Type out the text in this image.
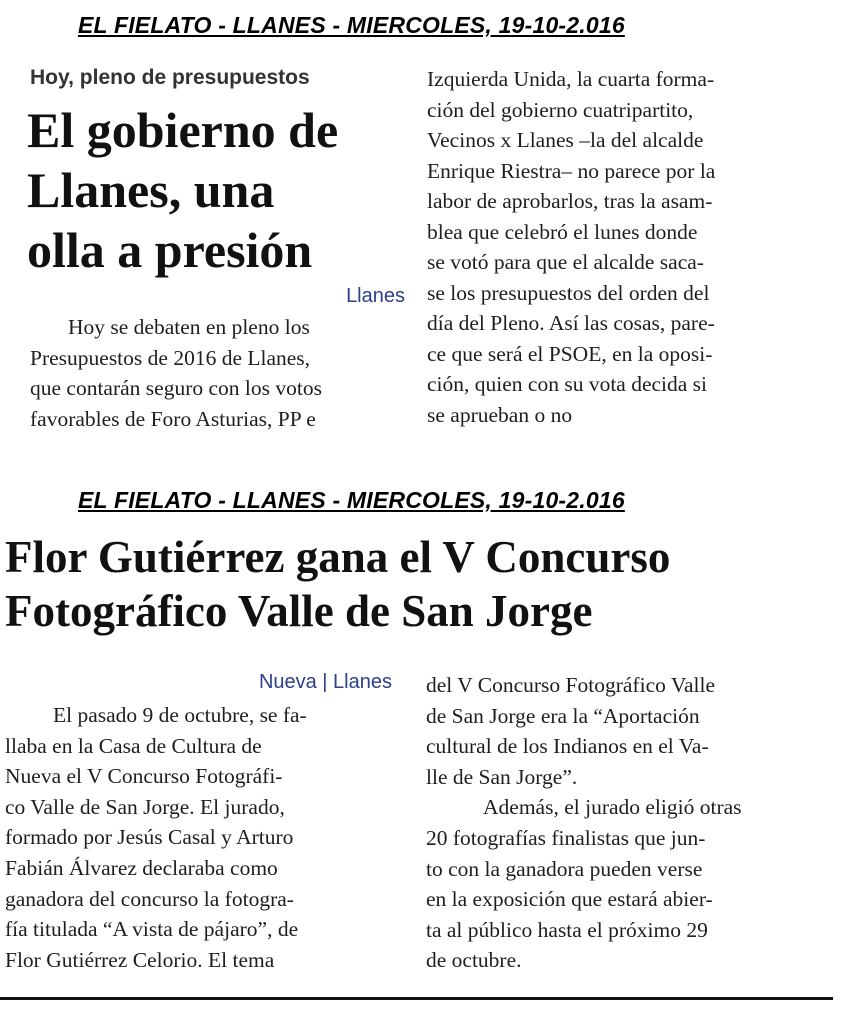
EL FIELATO - LLANES - MIERCOLES, 19-10-2.016
Hoy, pleno de presupuestos
El gobierno de
Llanes, una
olla a presión
Llanes
Hoy se debaten en pleno los
Presupuestos de 2016 de Llanes,
que contarán seguro con los votos
favorables de Foro Asturias, PP e
Izquierda Unida, la cuarta forma-
ción del gobierno cuatripartito,
Vecinos x Llanes –la del alcalde
Enrique Riestra– no parece por la
labor de aprobarlos, tras la asam-
blea que celebró el lunes donde
se votó para que el alcalde saca-
se los presupuestos del orden del
día del Pleno. Así las cosas, pare-
ce que será el PSOE, en la oposi-
ción, quien con su vota decida si
se aprueban o no
EL FIELATO - LLANES - MIERCOLES, 19-10-2.016
Flor Gutiérrez gana el V Concurso
Fotográfico Valle de San Jorge
Nueva | Llanes
El pasado 9 de octubre, se fa-
llaba en la Casa de Cultura de
Nueva el V Concurso Fotográfi-
co Valle de San Jorge. El jurado,
formado por Jesús Casal y Arturo
Fabián Álvarez declaraba como
ganadora del concurso la fotogra-
fía titulada “A vista de pájaro”, de
Flor Gutiérrez Celorio. El tema
del V Concurso Fotográfico Valle
de San Jorge era la “Aportación
cultural de los Indianos en el Va-
lle de San Jorge”.
Además, el jurado eligió otras
20 fotografías finalistas que jun-
to con la ganadora pueden verse
en la exposición que estará abier-
ta al público hasta el próximo 29
de octubre.
